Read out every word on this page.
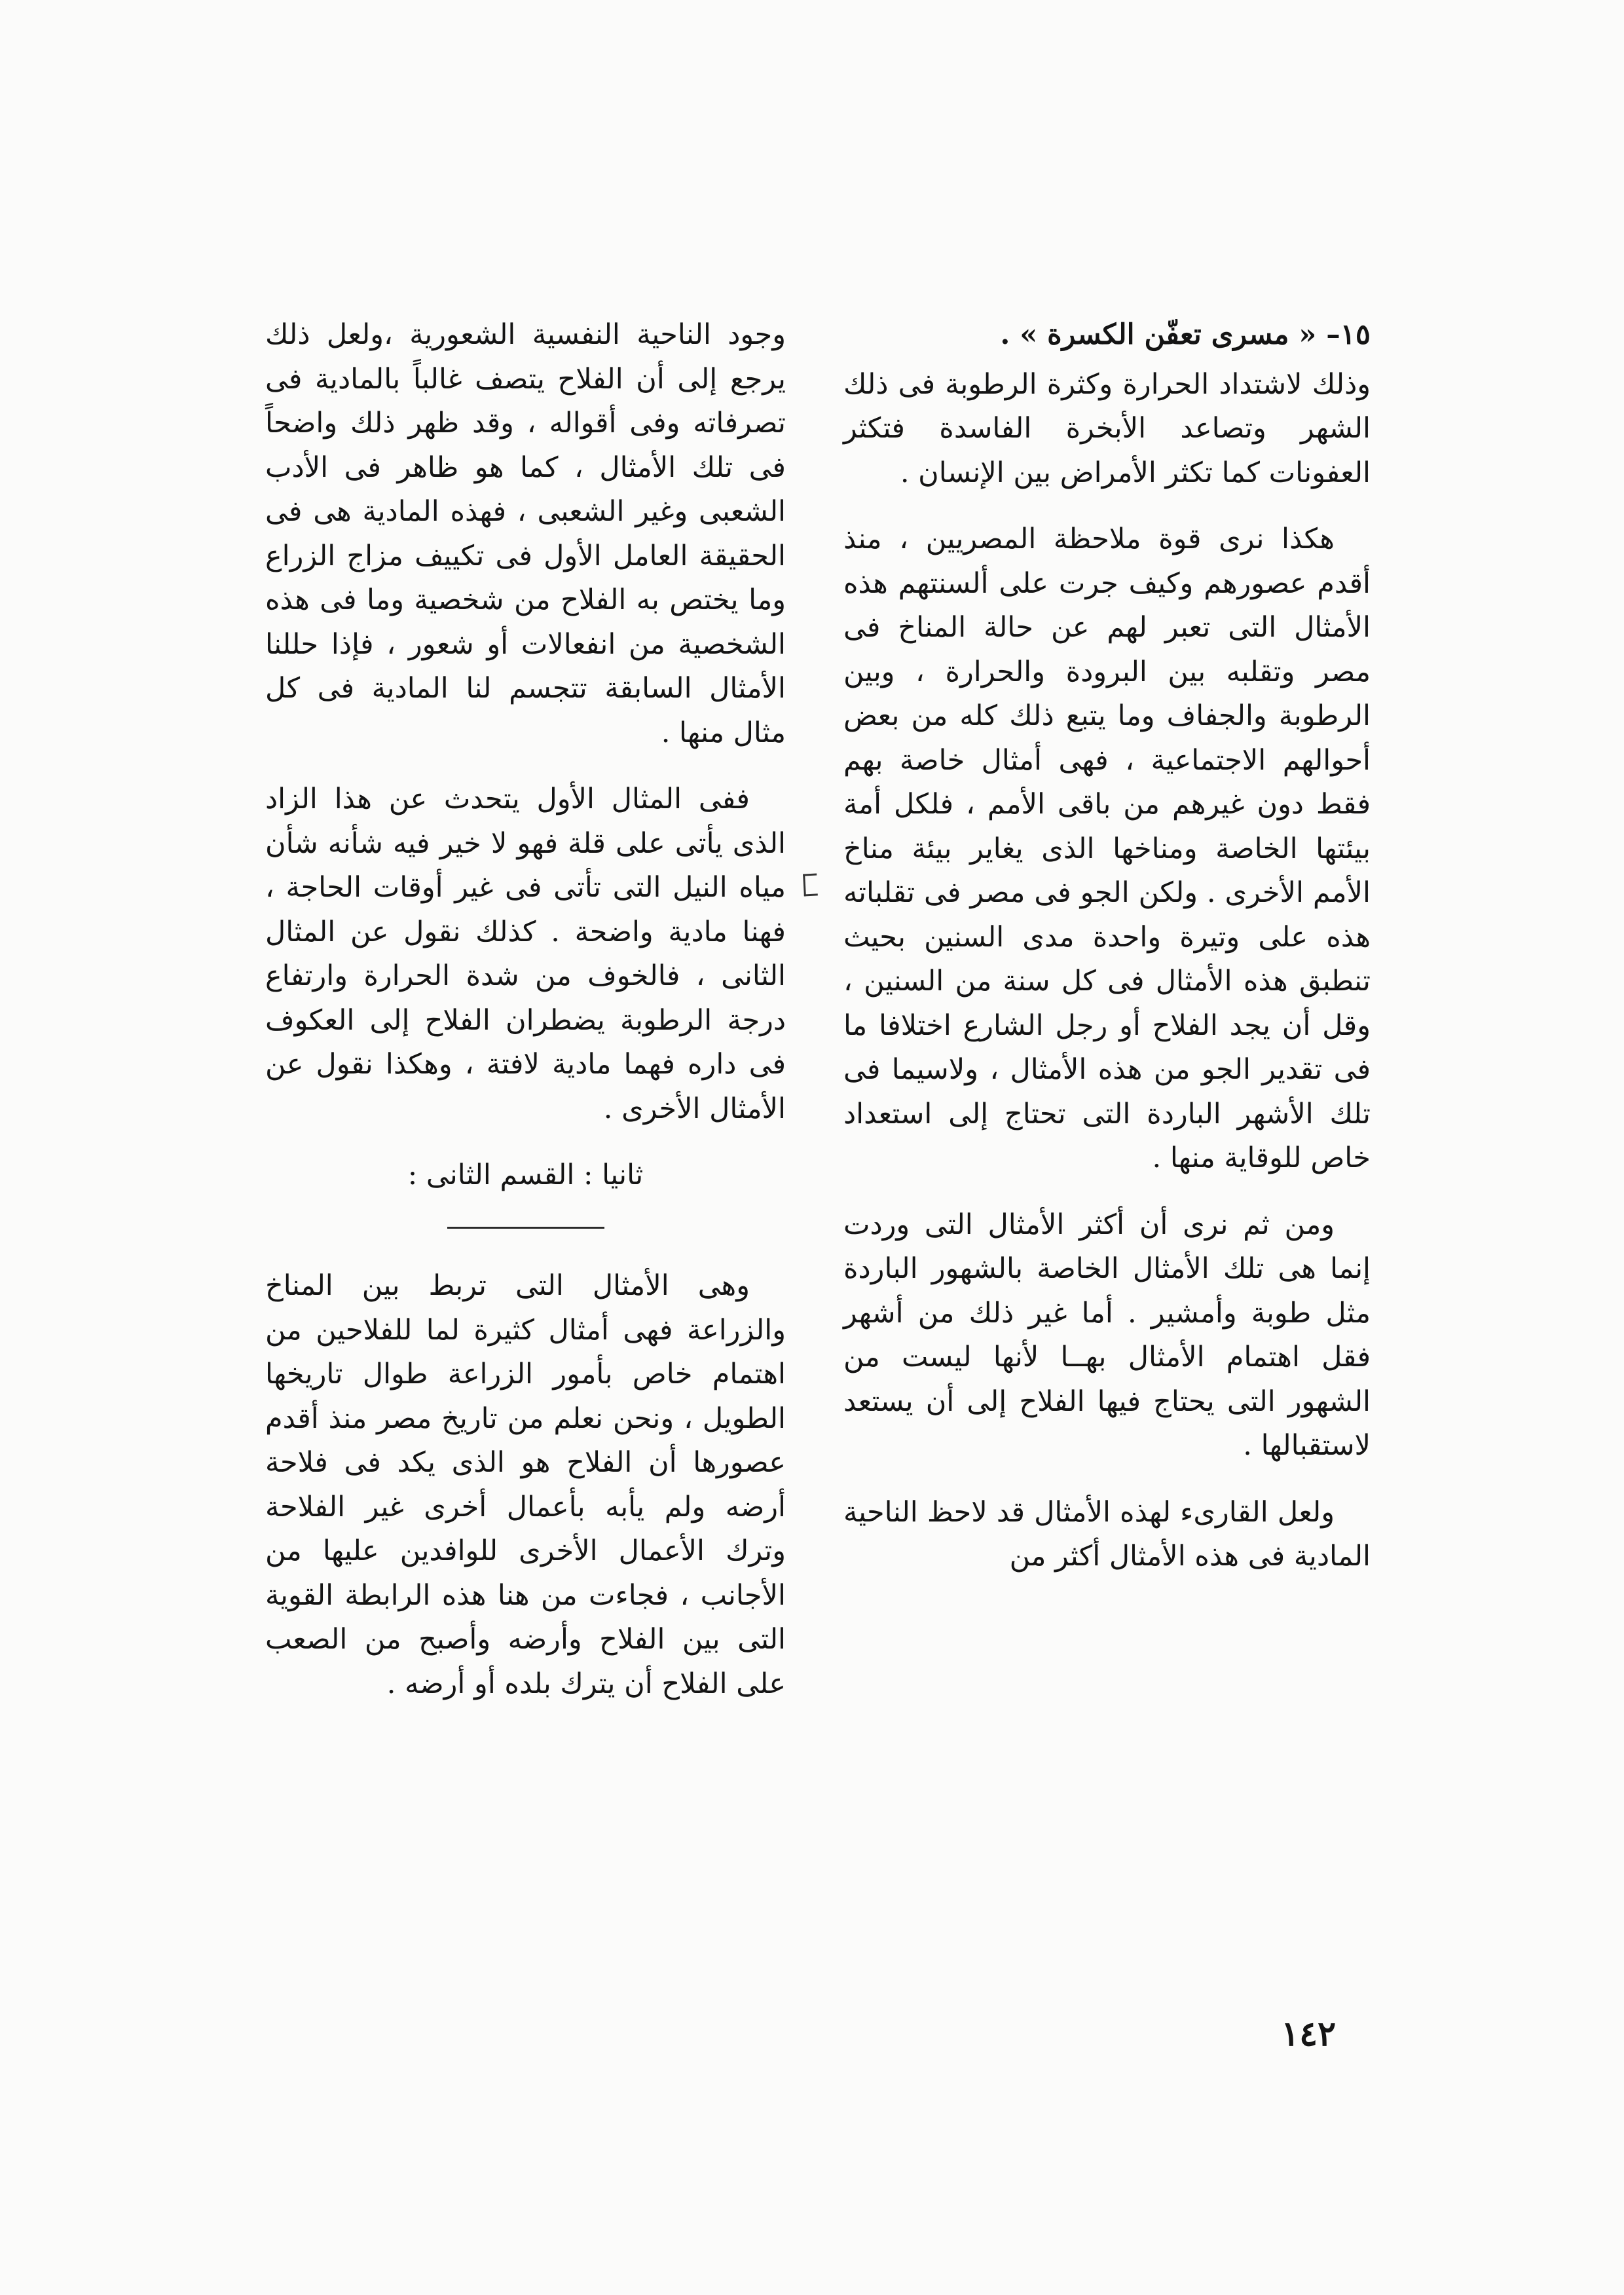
١٥– « مسرى تعفّن الكسرة » .

وذلك لاشتداد الحرارة وكثرة الرطوبة فى ذلك الشهر وتصاعد الأبخرة الفاسدة فتكثر العفونات كما تكثر الأمراض بين الإنسان .

هكذا نرى قوة ملاحظة المصريين ، منذ أقدم عصورهم وكيف جرت على ألسنتهم هذه الأمثال التى تعبر لهم عن حالة المناخ فى مصر وتقلبه بين البرودة والحرارة ، وبين الرطوبة والجفاف وما يتبع ذلك كله من بعض أحوالهم الاجتماعية ، فهى أمثال خاصة بهم فقط دون غيرهم من باقى الأمم ، فلكل أمة بيئتها الخاصة ومناخها الذى يغاير بيئة مناخ الأمم الأخرى . ولكن الجو فى مصر فى تقلباته هذه على وتيرة واحدة مدى السنين بحيث تنطبق هذه الأمثال فى كل سنة من السنين ، وقل أن يجد الفلاح أو رجل الشارع اختلافا ما فى تقدير الجو من هذه الأمثال ، ولاسيما فى تلك الأشهر الباردة التى تحتاج إلى استعداد خاص للوقاية منها .

ومن ثم نرى أن أكثر الأمثال التى وردت إنما هى تلك الأمثال الخاصة بالشهور الباردة مثل طوبة وأمشير . أما غير ذلك من أشهر فقل اهتمام الأمثال بهــا لأنها ليست من الشهور التى يحتاج فيها الفلاح إلى أن يستعد لاستقبالها .

ولعل القارىء لهذه الأمثال قد لاحظ الناحية المادية فى هذه الأمثال أكثر من

وجود الناحية النفسية الشعورية ،ولعل ذلك يرجع إلى أن الفلاح يتصف غالباً بالمادية فى تصرفاته وفى أقواله ، وقد ظهر ذلك واضحاً فى تلك الأمثال ، كما هو ظاهر فى الأدب الشعبى وغير الشعبى ، فهذه المادية هى فى الحقيقة العامل الأول فى تكييف مزاج الزراع وما يختص به الفلاح من شخصية وما فى هذه الشخصية من انفعالات أو شعور ، فإذا حللنا الأمثال السابقة تتجسم لنا المادية فى كل مثال منها .

ففى المثال الأول يتحدث عن هذا الزاد الذى يأتى على قلة فهو لا خير فيه شأنه شأن مياه النيل التى تأتى فى غير أوقات الحاجة ، فهنا مادية واضحة . كذلك نقول عن المثال الثانى ، فالخوف من شدة الحرارة وارتفاع درجة الرطوبة يضطران الفلاح إلى العكوف فى داره فهما مادية لافتة ، وهكذا نقول عن الأمثال الأخرى .

ثانيا : القسم الثانى :

وهى الأمثال التى تربط بين المناخ والزراعة فهى أمثال كثيرة لما للفلاحين من اهتمام خاص بأمور الزراعة طوال تاريخها الطويل ، ونحن نعلم من تاريخ مصر منذ أقدم عصورها أن الفلاح هو الذى يكد فى فلاحة أرضه ولم يأبه بأعمال أخرى غير الفلاحة وترك الأعمال الأخرى للوافدين عليها من الأجانب ، فجاءت من هنا هذه الرابطة القوية التى بين الفلاح وأرضه وأصبح من الصعب على الفلاح أن يترك بلده أو أرضه .

١٤٢
